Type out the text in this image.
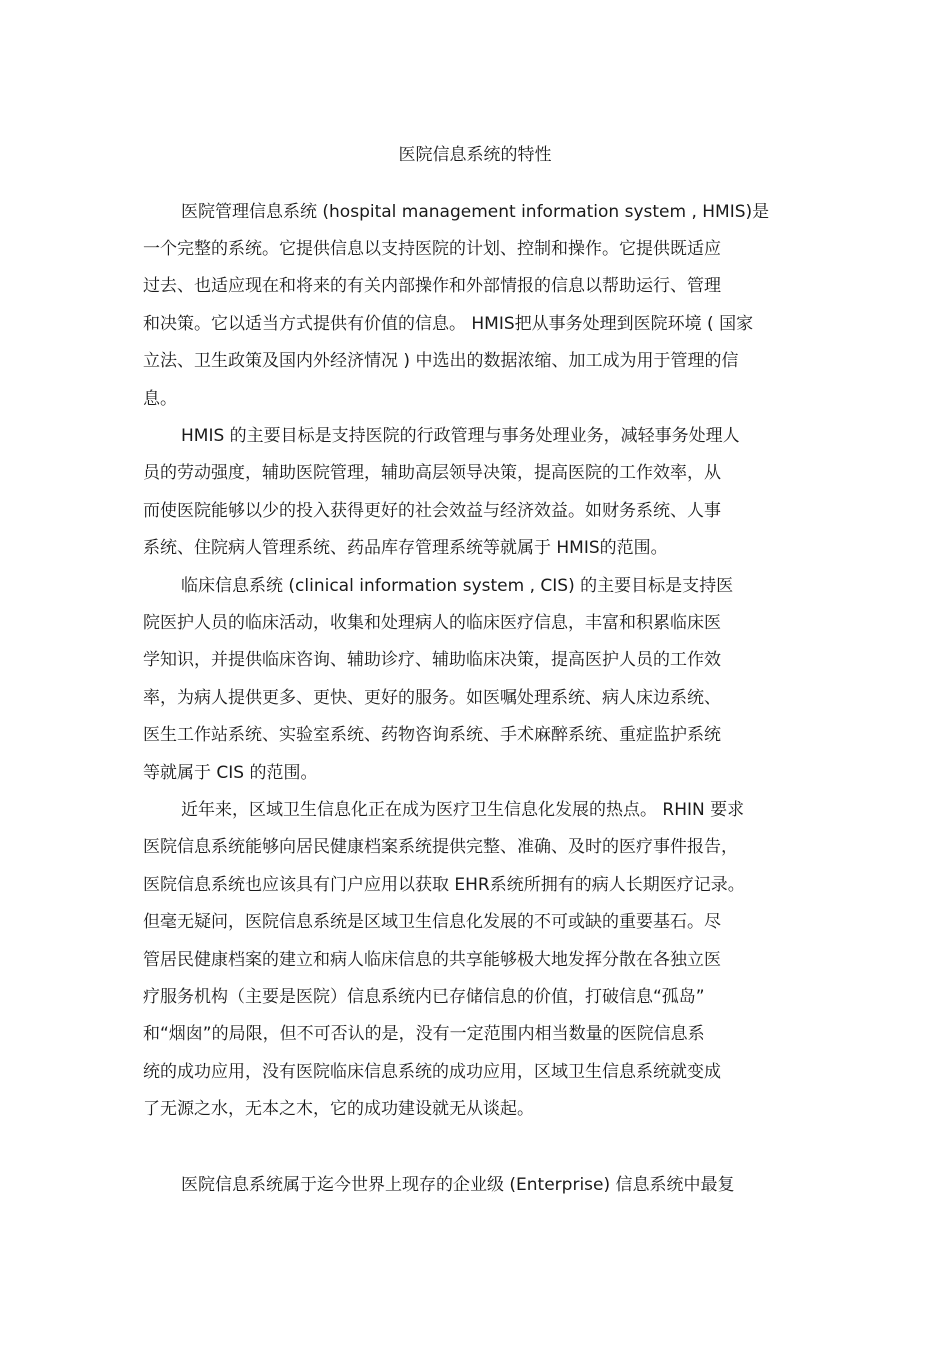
医院信息系统的特性
医院管理信息系统 (hospital management information system , HMIS)是
一个完整的系统。它提供信息以支持医院的计划、控制和操作。它提供既适应
过去、也适应现在和将来的有关内部操作和外部情报的信息以帮助运行、管理
和决策。它以适当方式提供有价值的信息。 HMIS把从事务处理到医院环境 ( 国家
立法、卫生政策及国内外经济情况 ) 中选出的数据浓缩、加工成为用于管理的信
息。
HMIS 的主要目标是支持医院的行政管理与事务处理业务，减轻事务处理人
员的劳动强度，辅助医院管理，辅助高层领导决策，提高医院的工作效率，从
而使医院能够以少的投入获得更好的社会效益与经济效益。如财务系统、人事
系统、住院病人管理系统、药品库存管理系统等就属于 HMIS的范围。
临床信息系统 (clinical information system , CIS) 的主要目标是支持医
院医护人员的临床活动，收集和处理病人的临床医疗信息，丰富和积累临床医
学知识，并提供临床咨询、辅助诊疗、辅助临床决策，提高医护人员的工作效
率，为病人提供更多、更快、更好的服务。如医嘱处理系统、病人床边系统、
医生工作站系统、实验室系统、药物咨询系统、手术麻醉系统、重症监护系统
等就属于 CIS 的范围。
近年来，区域卫生信息化正在成为医疗卫生信息化发展的热点。 RHIN 要求
医院信息系统能够向居民健康档案系统提供完整、准确、及时的医疗事件报告，
医院信息系统也应该具有门户应用以获取 EHR系统所拥有的病人长期医疗记录。
但毫无疑问，医院信息系统是区域卫生信息化发展的不可或缺的重要基石。尽
管居民健康档案的建立和病人临床信息的共享能够极大地发挥分散在各独立医
疗服务机构（主要是医院）信息系统内已存储信息的价值，打破信息“孤岛”
和“烟囱”的局限，但不可否认的是，没有一定范围内相当数量的医院信息系
统的成功应用，没有医院临床信息系统的成功应用，区域卫生信息系统就变成
了无源之水，无本之木，它的成功建设就无从谈起。
医院信息系统属于迄今世界上现存的企业级 (Enterprise) 信息系统中最复
